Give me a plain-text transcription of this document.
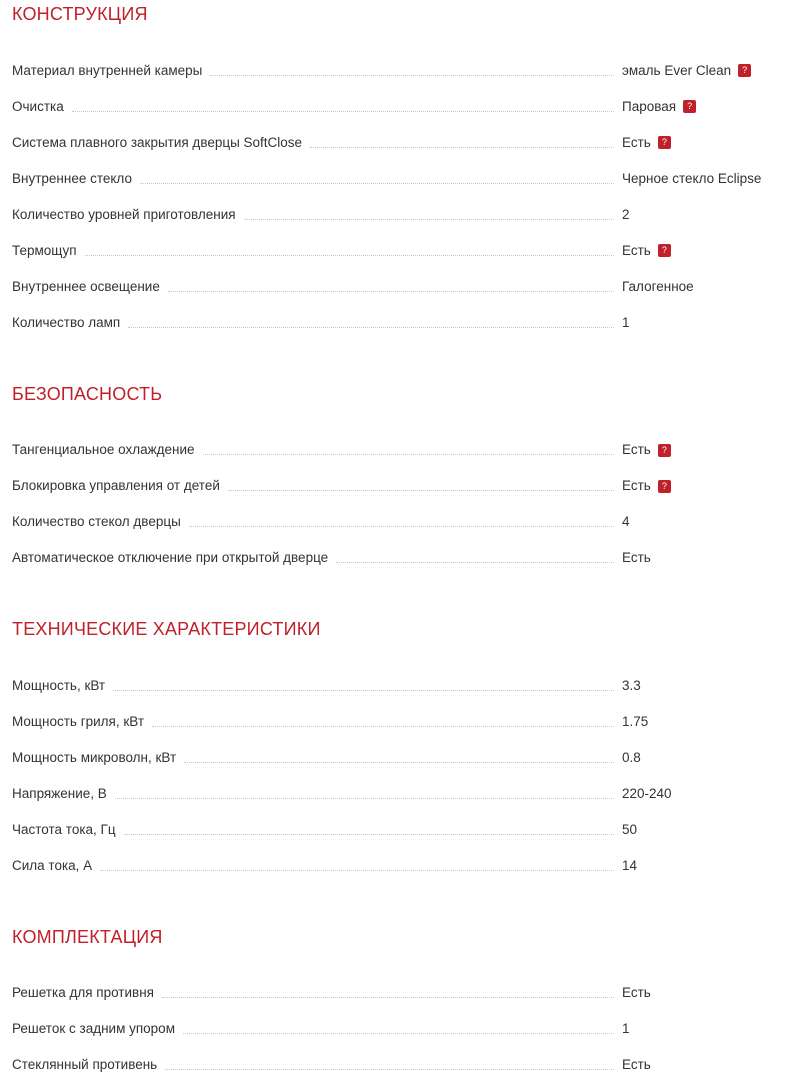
КОНСТРУКЦИЯ
Материал внутренней камеры	эмаль Ever Clean	?
Очистка	Паровая	?
Система плавного закрытия дверцы SoftClose	Есть	?
Внутреннее стекло	Черное стекло Eclipse
Количество уровней приготовления	2
Термощуп	Есть	?
Внутреннее освещение	Галогенное
Количество ламп	1
БЕЗОПАСНОСТЬ
Тангенциальное охлаждение	Есть	?
Блокировка управления от детей	Есть	?
Количество стекол дверцы	4
Автоматическое отключение при открытой дверце	Есть
ТЕХНИЧЕСКИЕ ХАРАКТЕРИСТИКИ
Мощность, кВт	3.3
Мощность гриля, кВт	1.75
Мощность микроволн, кВт	0.8
Напряжение, В	220-240
Частота тока, Гц	50
Сила тока, А	14
КОМПЛЕКТАЦИЯ
Решетка для противня	Есть
Решеток с задним упором	1
Стеклянный противень	Есть
